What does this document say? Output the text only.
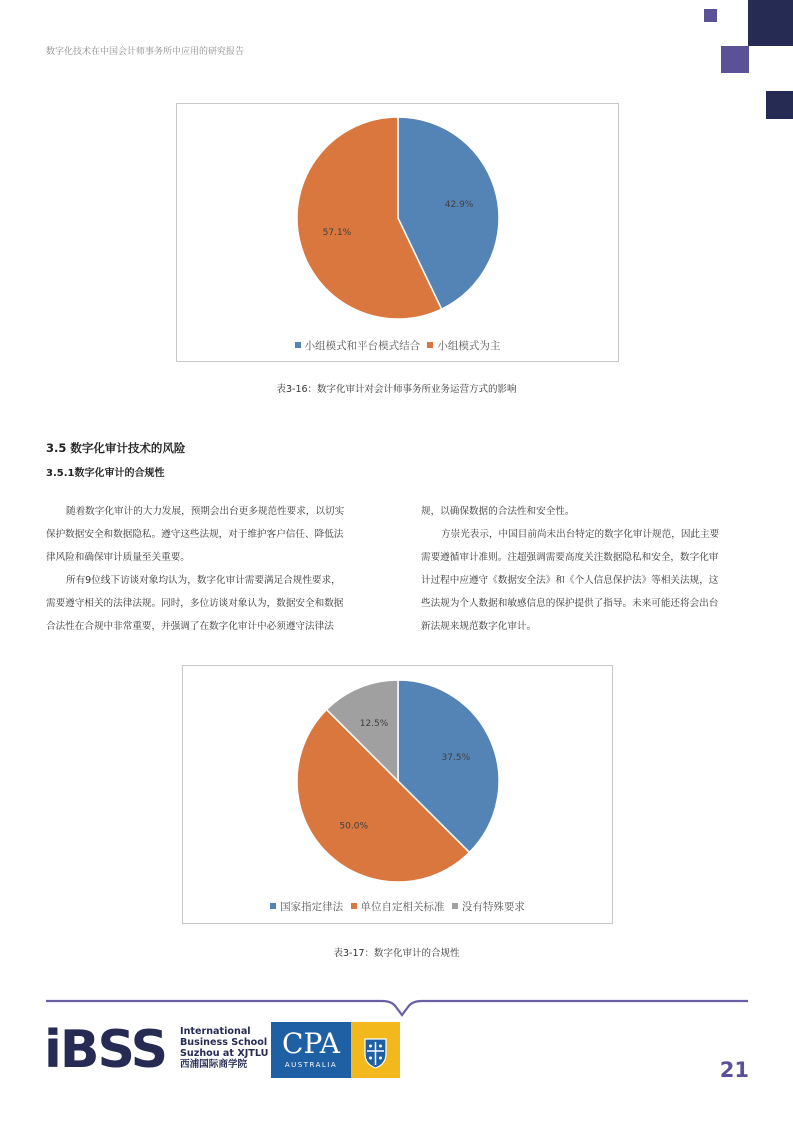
数字化技术在中国会计师事务所中应用的研究报告
42.9%
57.1%
小组模式和平台模式结合 小组模式为主
表3-16：数字化审计对会计师事务所业务运营方式的影响
3.5 数字化审计技术的风险
3.5.1数字化审计的合规性
随着数字化审计的大力发展，预期会出台更多规范性要求，以切实
保护数据安全和数据隐私。遵守这些法规，对于维护客户信任、降低法
律风险和确保审计质量至关重要。
所有9位线下访谈对象均认为，数字化审计需要满足合规性要求，
需要遵守相关的法律法规。同时，多位访谈对象认为，数据安全和数据
合法性在合规中非常重要，并强调了在数字化审计中必须遵守法律法
规，以确保数据的合法性和安全性。
方崇光表示，中国目前尚未出台特定的数字化审计规范，因此主要
需要遵循审计准则。注超强调需要高度关注数据隐私和安全，数字化审
计过程中应遵守《数据安全法》和《个人信息保护法》等相关法规，这
些法规为个人数据和敏感信息的保护提供了指导。未来可能还将会出台
新法规来规范数字化审计。
37.5%
50.0%
12.5%
国家指定律法 单位自定相关标准 没有特殊要求
表3-17：数字化审计的合规性
iBSS International
Business School
Suzhou at XJTLU
西浦国际商学院
CPA
AUSTRALIA	21
